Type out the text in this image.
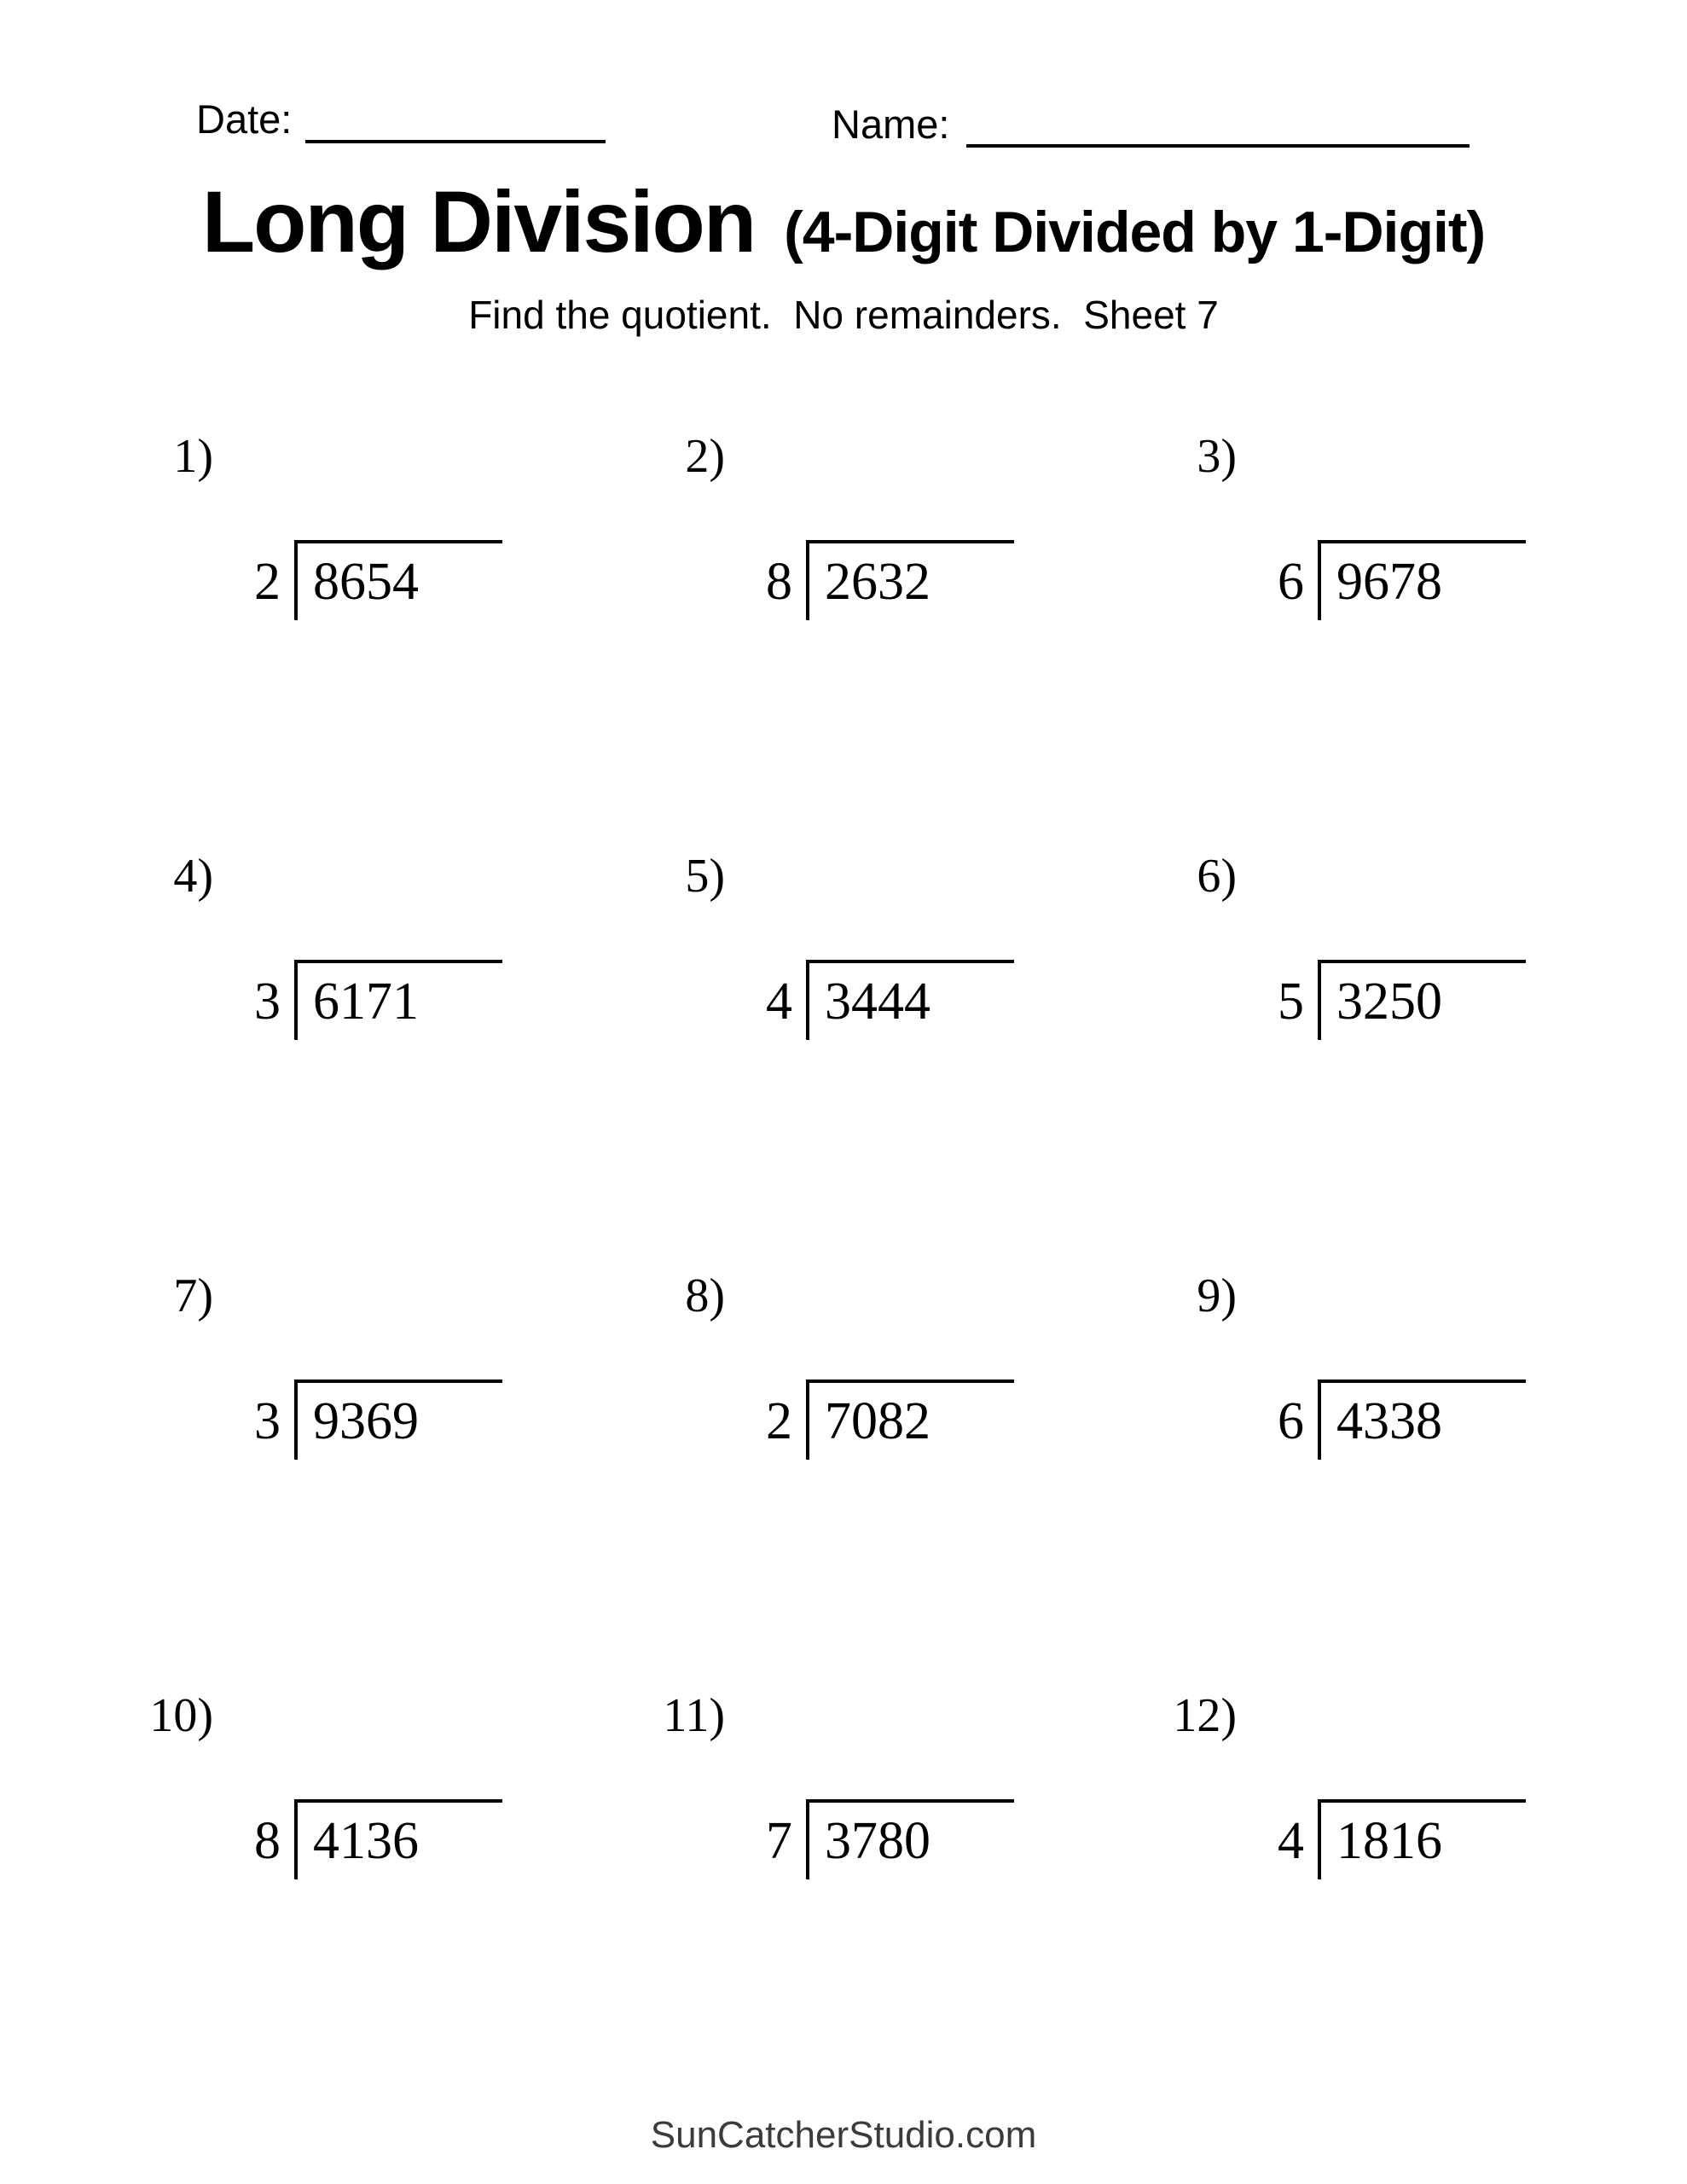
Date:	Name:
Long Division (4-Digit Divided by 1-Digit)
Find the quotient.  No remainders.  Sheet 7
1)
2 8654
2)
8 2632
3)
6 9678
4)
3 6171
5)
4 3444
6)
5 3250
7)
3 9369
8)
2 7082
9)
6 4338
10)
8 4136
11)
7 3780
12)
4 1816
SunCatcherStudio.com
